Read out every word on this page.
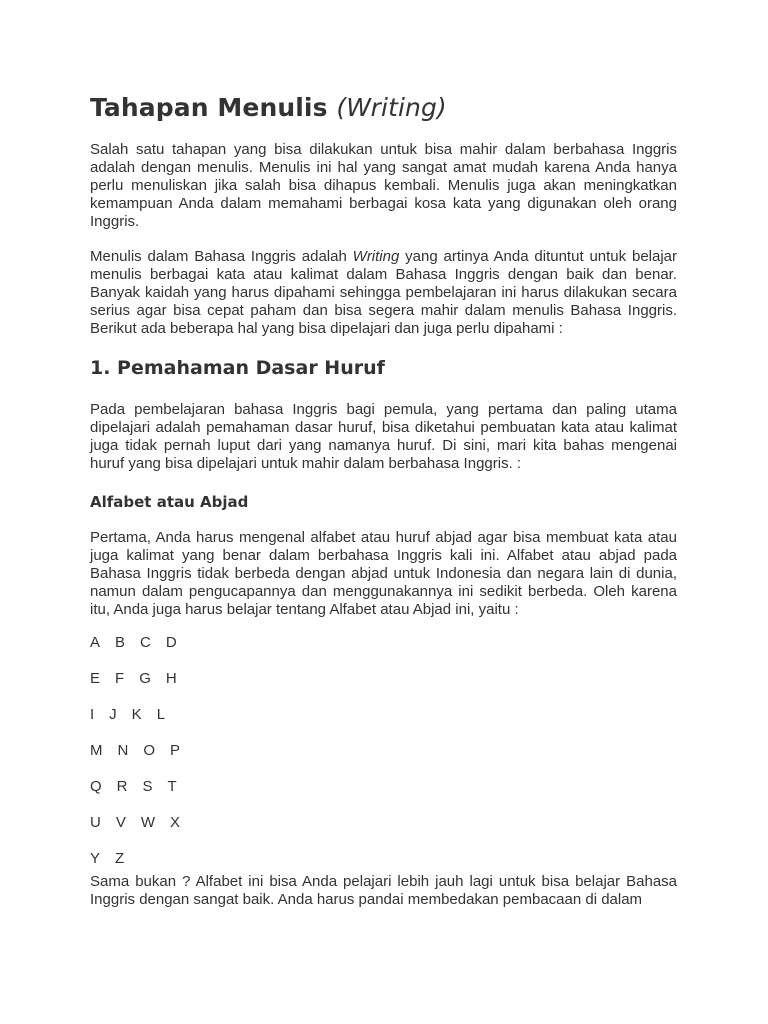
Tahapan Menulis (Writing)

Salah satu tahapan yang bisa dilakukan untuk bisa mahir dalam berbahasa Inggris adalah dengan menulis. Menulis ini hal yang sangat amat mudah karena Anda hanya perlu menuliskan jika salah bisa dihapus kembali. Menulis juga akan meningkatkan kemampuan Anda dalam memahami berbagai kosa kata yang digunakan oleh orang Inggris.

Menulis dalam Bahasa Inggris adalah Writing yang artinya Anda dituntut untuk belajar menulis berbagai kata atau kalimat dalam Bahasa Inggris dengan baik dan benar. Banyak kaidah yang harus dipahami sehingga pembelajaran ini harus dilakukan secara serius agar bisa cepat paham dan bisa segera mahir dalam menulis Bahasa Inggris. Berikut ada beberapa hal yang bisa dipelajari dan juga perlu dipahami :

1. Pemahaman Dasar Huruf

Pada pembelajaran bahasa Inggris bagi pemula, yang pertama dan paling utama dipelajari adalah pemahaman dasar huruf, bisa diketahui pembuatan kata atau kalimat juga tidak pernah luput dari yang namanya huruf. Di sini, mari kita bahas mengenai huruf yang bisa dipelajari untuk mahir dalam berbahasa Inggris. :

Alfabet atau Abjad

Pertama, Anda harus mengenal alfabet atau huruf abjad agar bisa membuat kata atau juga kalimat yang benar dalam berbahasa Inggris kali ini. Alfabet atau abjad pada Bahasa Inggris tidak berbeda dengan abjad untuk Indonesia dan negara lain di dunia, namun dalam pengucapannya dan menggunakannya ini sedikit berbeda. Oleh karena itu, Anda juga harus belajar tentang Alfabet atau Abjad ini, yaitu :

A B C D
E F G H
I J K L
M N O P
Q R S T
U V W X
Y Z

Sama bukan ? Alfabet ini bisa Anda pelajari lebih jauh lagi untuk bisa belajar Bahasa Inggris dengan sangat baik. Anda harus pandai membedakan pembacaan di dalam
